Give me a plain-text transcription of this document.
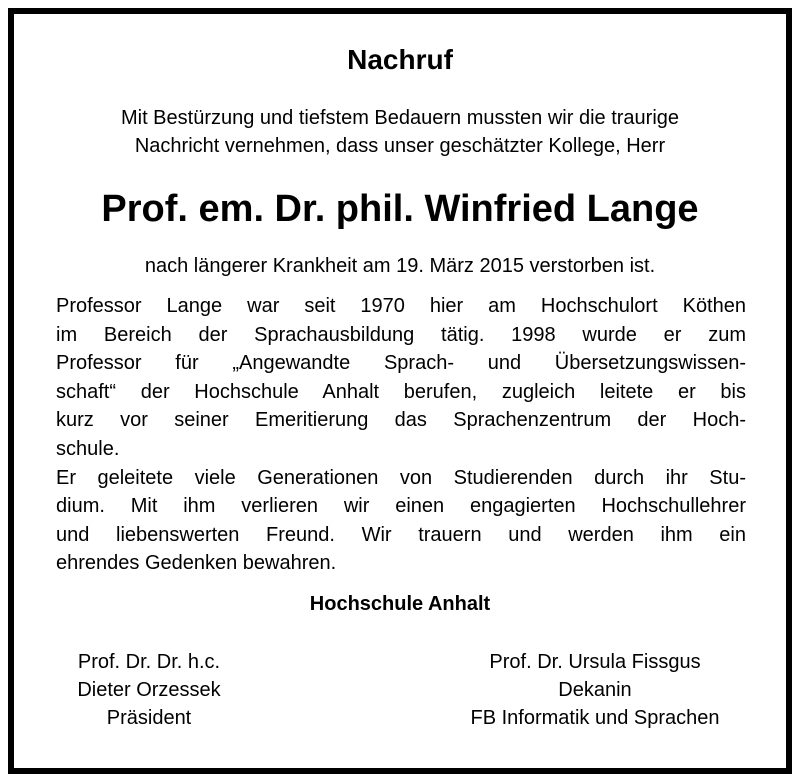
Nachruf
Mit Bestürzung und tiefstem Bedauern mussten wir die traurige
Nachricht vernehmen, dass unser geschätzter Kollege, Herr
Prof. em. Dr. phil. Winfried Lange
nach längerer Krankheit am 19. März 2015 verstorben ist.
Professor Lange war seit 1970 hier am Hochschulort Köthen
im Bereich der Sprachausbildung tätig. 1998 wurde er zum
Professor für „Angewandte Sprach- und Übersetzungswissen-
schaft“ der Hochschule Anhalt berufen, zugleich leitete er bis
kurz vor seiner Emeritierung das Sprachenzentrum der Hoch-
schule.
Er geleitete viele Generationen von Studierenden durch ihr Stu-
dium. Mit ihm verlieren wir einen engagierten Hochschullehrer
und liebenswerten Freund. Wir trauern und werden ihm ein
ehrendes Gedenken bewahren.
Hochschule Anhalt
Prof. Dr. Dr. h.c.
Dieter Orzessek
Präsident
Prof. Dr. Ursula Fissgus
Dekanin
FB Informatik und Sprachen
